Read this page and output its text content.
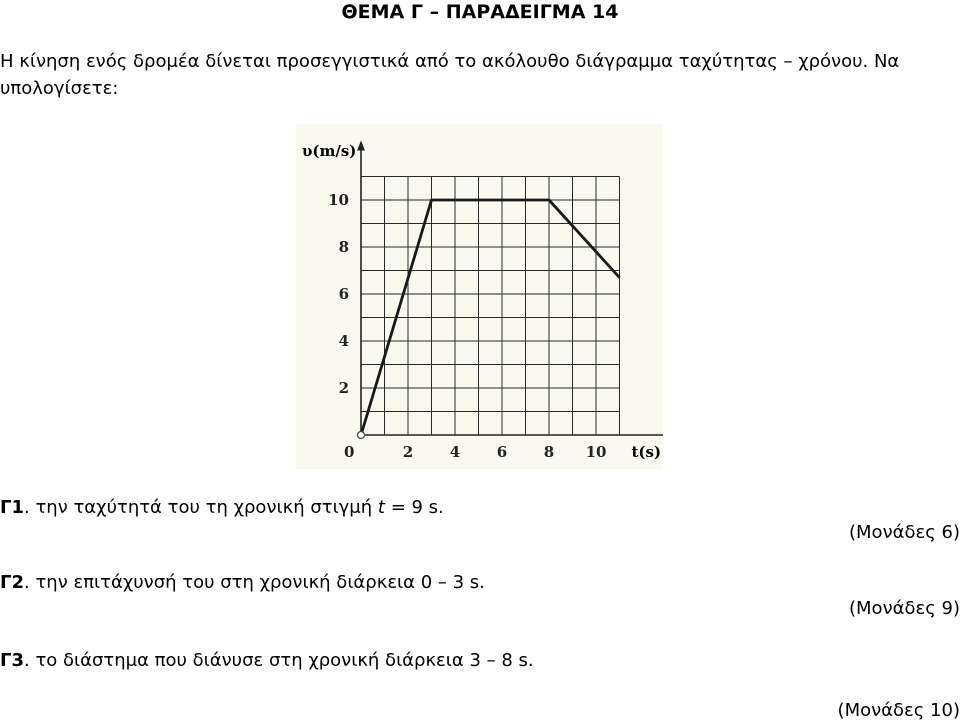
ΘΕΜΑ Γ – ΠΑΡΑΔΕΙΓΜΑ 14
Η κίνηση ενός δρομέα δίνεται προσεγγιστικά από το ακόλουθο διάγραμμα ταχύτητας – χρόνου. Να υπολογίσετε:
υ(m/s)
t(s)
0	2 4 6 8 10
2
4
6
8
10
Γ1. την ταχύτητά του τη χρονική στιγμή t = 9 s.
(Μονάδες 6)
Γ2. την επιτάχυνσή του στη χρονική διάρκεια 0 – 3 s.
(Μονάδες 9)
Γ3. το διάστημα που διάνυσε στη χρονική διάρκεια 3 – 8 s.
(Μονάδες 10)
